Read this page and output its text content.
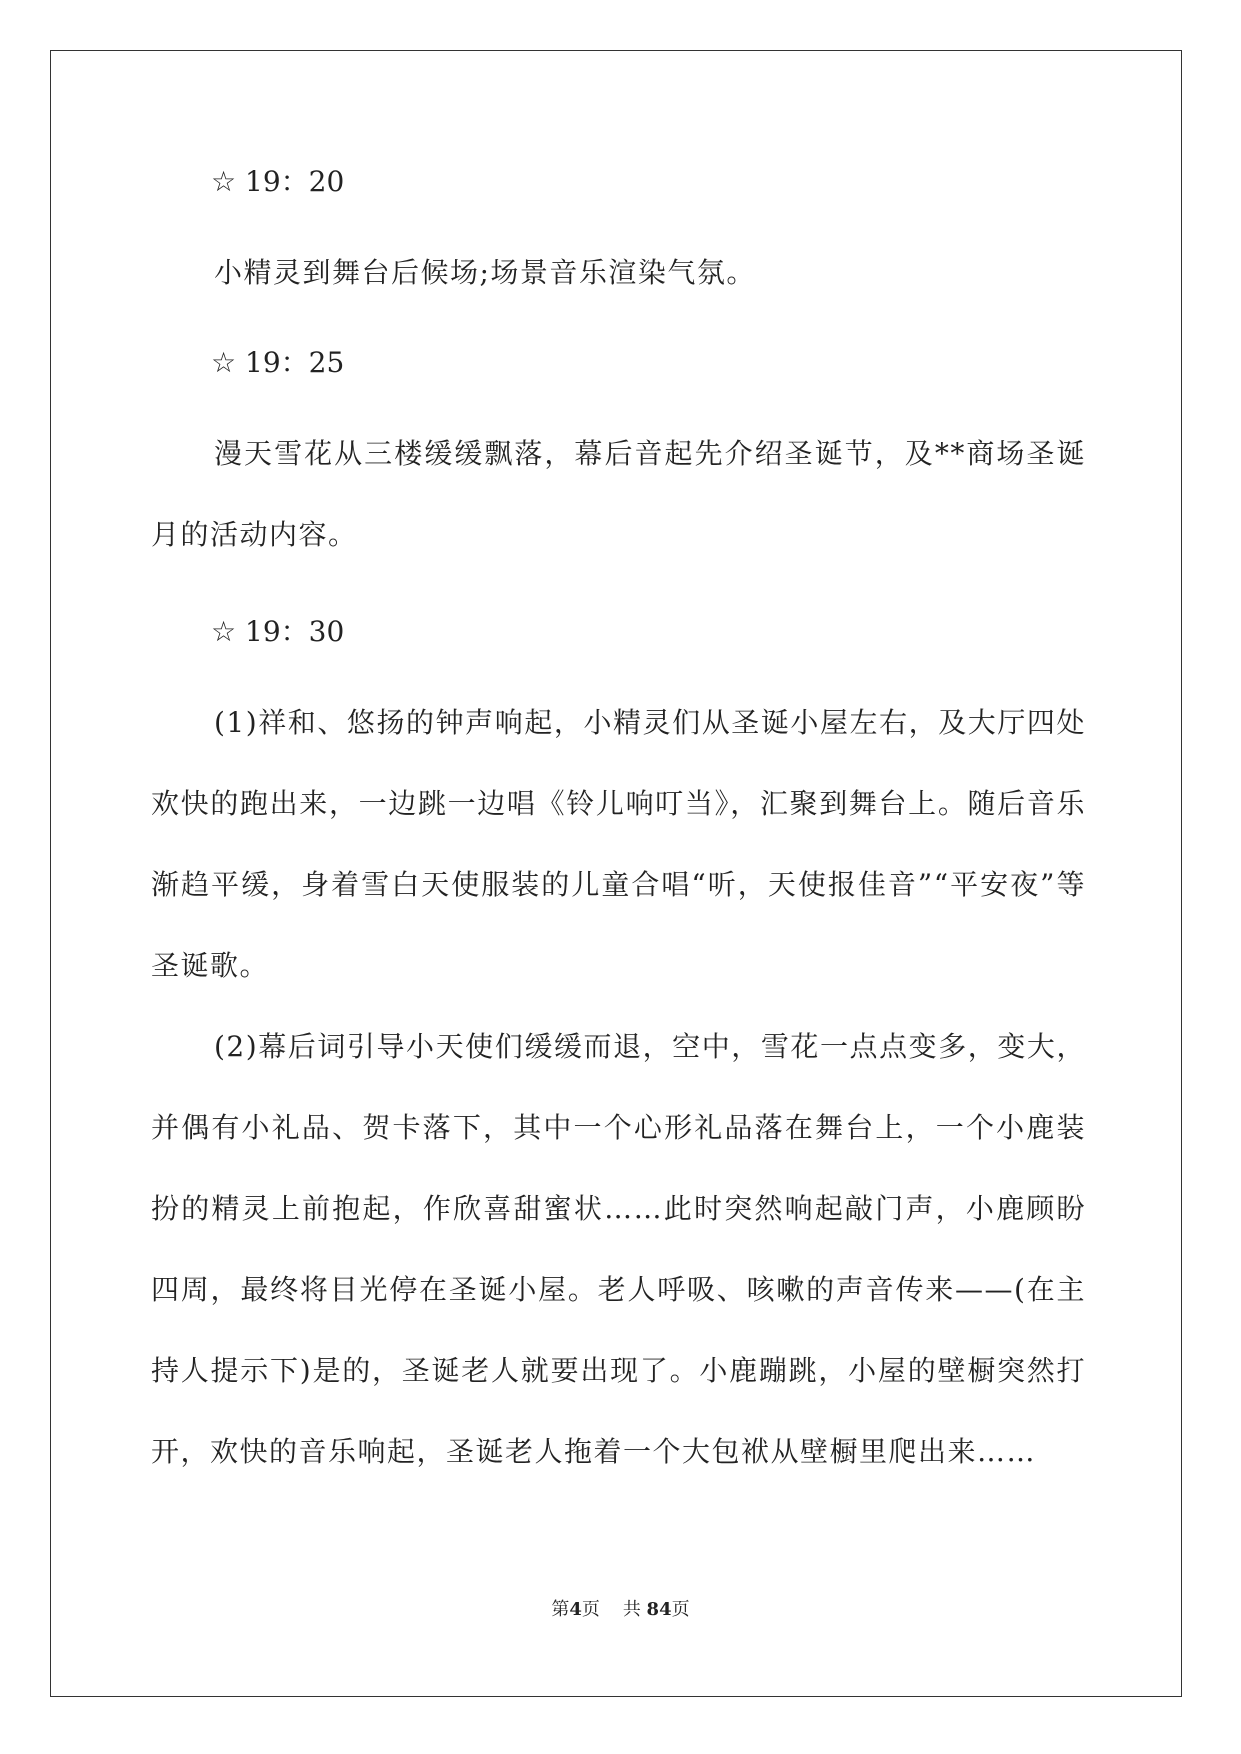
☆ 19：20
小精灵到舞台后候场;场景音乐渲染气氛。
☆ 19：25
漫天雪花从三楼缓缓飘落，幕后音起先介绍圣诞节，及**商场圣诞月的活动内容。
☆ 19：30
(1)祥和、悠扬的钟声响起，小精灵们从圣诞小屋左右，及大厅四处欢快的跑出来，一边跳一边唱《铃儿响叮当》，汇聚到舞台上。随后音乐渐趋平缓，身着雪白天使服装的儿童合唱“听，天使报佳音”“平安夜”等圣诞歌。
(2)幕后词引导小天使们缓缓而退，空中，雪花一点点变多，变大，并偶有小礼品、贺卡落下，其中一个心形礼品落在舞台上，一个小鹿装扮的精灵上前抱起，作欣喜甜蜜状……此时突然响起敲门声，小鹿顾盼四周，最终将目光停在圣诞小屋。老人呼吸、咳嗽的声音传来——(在主持人提示下)是的，圣诞老人就要出现了。小鹿蹦跳，小屋的壁橱突然打开，欢快的音乐响起，圣诞老人拖着一个大包袱从壁橱里爬出来……
第4页 共 84页
